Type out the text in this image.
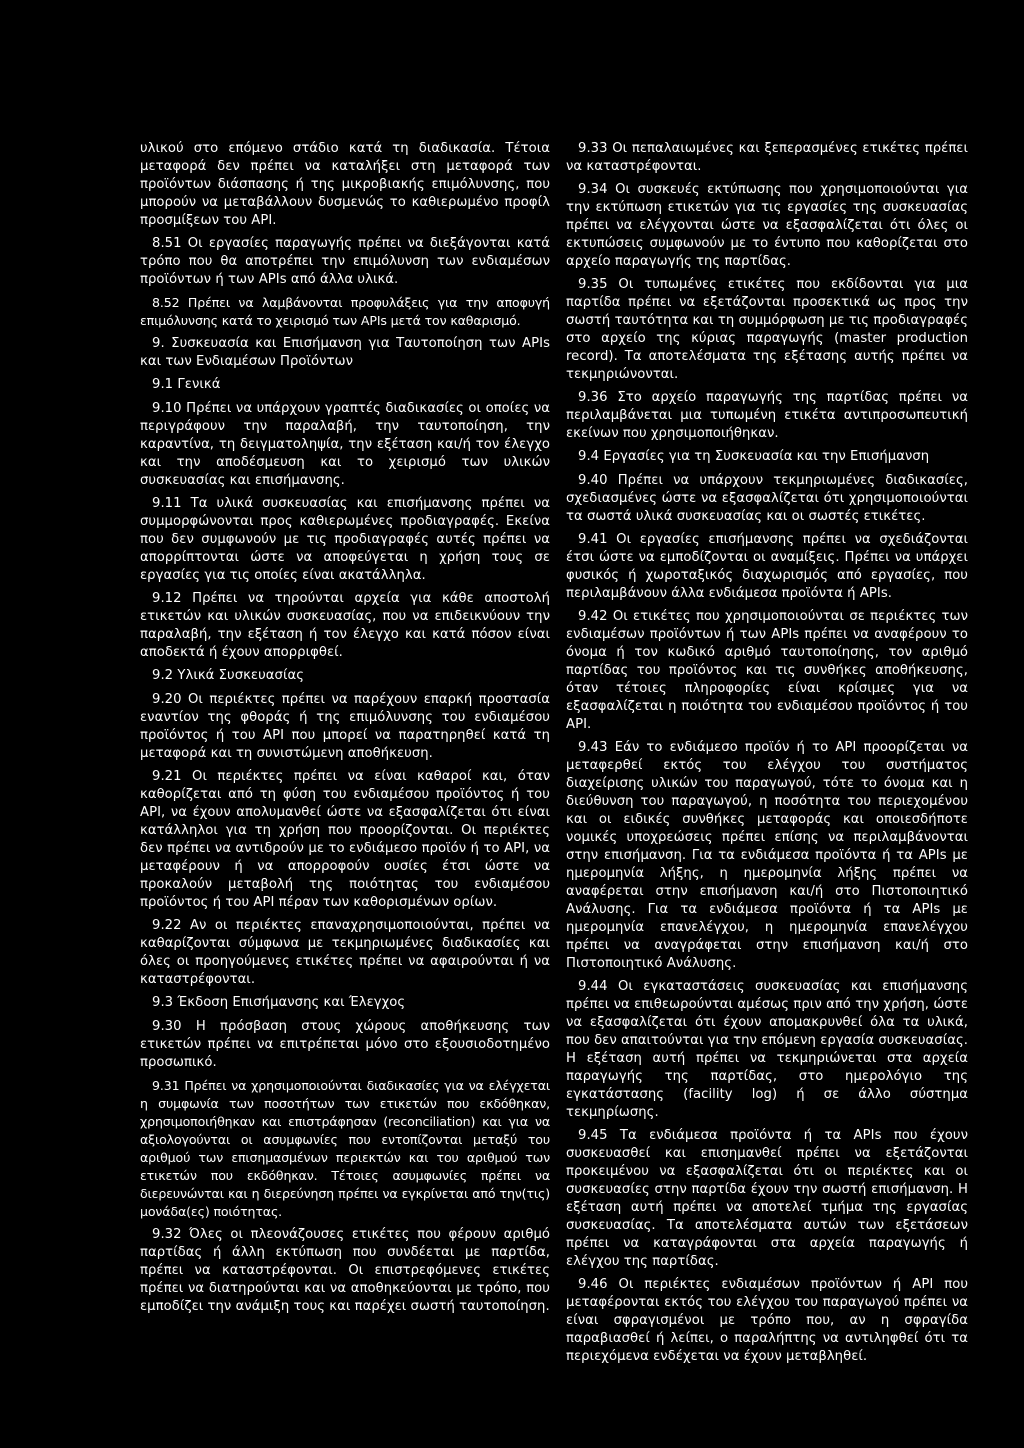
υλικού στο επόμενο στάδιο κατά τη διαδικασία. Τέτοια μεταφορά δεν πρέπει να καταλήξει στη μεταφορά των προϊόντων διάσπασης ή της μικροβιακής επιμόλυνσης, που μπορούν να μεταβάλλουν δυσμενώς το καθιερωμένο προφίλ προσμίξεων του API.

8.51 Οι εργασίες παραγωγής πρέπει να διεξάγονται κατά τρόπο που θα αποτρέπει την επιμόλυνση των ενδιαμέσων προϊόντων ή των APIs από άλλα υλικά.

8.52 Πρέπει να λαμβάνονται προφυλάξεις για την αποφυγή επιμόλυνσης κατά το χειρισμό των APIs μετά τον καθαρισμό.

9. Συσκευασία και Επισήμανση για Ταυτοποίηση των APIs και των Ενδιαμέσων Προϊόντων

9.1 Γενικά

9.10 Πρέπει να υπάρχουν γραπτές διαδικασίες οι οποίες να περιγράφουν την παραλαβή, την ταυτοποίηση, την καραντίνα, τη δειγματοληψία, την εξέταση και/ή τον έλεγχο και την αποδέσμευση και το χειρισμό των υλικών συσκευασίας και επισήμανσης.

9.11 Τα υλικά συσκευασίας και επισήμανσης πρέπει να συμμορφώνονται προς καθιερωμένες προδιαγραφές. Εκείνα που δεν συμφωνούν με τις προδιαγραφές αυτές πρέπει να απορρίπτονται ώστε να αποφεύγεται η χρήση τους σε εργασίες για τις οποίες είναι ακατάλληλα.

9.12 Πρέπει να τηρούνται αρχεία για κάθε αποστολή ετικετών και υλικών συσκευασίας, που να επιδεικνύουν την παραλαβή, την εξέταση ή τον έλεγχο και κατά πόσον είναι αποδεκτά ή έχουν απορριφθεί.

9.2 Υλικά Συσκευασίας

9.20 Οι περιέκτες πρέπει να παρέχουν επαρκή προστασία εναντίον της φθοράς ή της επιμόλυνσης του ενδιαμέσου προϊόντος ή του API που μπορεί να παρατηρηθεί κατά τη μεταφορά και τη συνιστώμενη αποθήκευση.

9.21 Οι περιέκτες πρέπει να είναι καθαροί και, όταν καθορίζεται από τη φύση του ενδιαμέσου προϊόντος ή του API, να έχουν απολυμανθεί ώστε να εξασφαλίζεται ότι είναι κατάλληλοι για τη χρήση που προορίζονται. Οι περιέκτες δεν πρέπει να αντιδρούν με το ενδιάμεσο προϊόν ή το API, να μεταφέρουν ή να απορροφούν ουσίες έτσι ώστε να προκαλούν μεταβολή της ποιότητας του ενδιαμέσου προϊόντος ή του API πέραν των καθορισμένων ορίων.

9.22 Αν οι περιέκτες επαναχρησιμοποιούνται, πρέπει να καθαρίζονται σύμφωνα με τεκμηριωμένες διαδικασίες και όλες οι προηγούμενες ετικέτες πρέπει να αφαιρούνται ή να καταστρέφονται.

9.3 Έκδοση Επισήμανσης και Έλεγχος

9.30 Η πρόσβαση στους χώρους αποθήκευσης των ετικετών πρέπει να επιτρέπεται μόνο στο εξουσιοδοτημένο προσωπικό.

9.31 Πρέπει να χρησιμοποιούνται διαδικασίες για να ελέγχεται η συμφωνία των ποσοτήτων των ετικετών που εκδόθηκαν, χρησιμοποιήθηκαν και επιστράφησαν (reconciliation) και για να αξιολογούνται οι ασυμφωνίες που εντοπίζονται μεταξύ του αριθμού των επισημασμένων περιεκτών και του αριθμού των ετικετών που εκδόθηκαν. Τέτοιες ασυμφωνίες πρέπει να διερευνώνται και η διερεύνηση πρέπει να εγκρίνεται από την(τις) μονάδα(ες) ποιότητας.

9.32 Όλες οι πλεονάζουσες ετικέτες που φέρουν αριθμό παρτίδας ή άλλη εκτύπωση που συνδέεται με παρτίδα, πρέπει να καταστρέφονται. Οι επιστρεφόμενες ετικέτες πρέπει να διατηρούνται και να αποθηκεύονται με τρόπο, που εμποδίζει την ανάμιξη τους και παρέχει σωστή ταυτοποίηση.

9.33 Οι πεπαλαιωμένες και ξεπερασμένες ετικέτες πρέπει να καταστρέφονται.

9.34 Οι συσκευές εκτύπωσης που χρησιμοποιούνται για την εκτύπωση ετικετών για τις εργασίες της συσκευασίας πρέπει να ελέγχονται ώστε να εξασφαλίζεται ότι όλες οι εκτυπώσεις συμφωνούν με το έντυπο που καθορίζεται στο αρχείο παραγωγής της παρτίδας.

9.35 Οι τυπωμένες ετικέτες που εκδίδονται για μια παρτίδα πρέπει να εξετάζονται προσεκτικά ως προς την σωστή ταυτότητα και τη συμμόρφωση με τις προδιαγραφές στο αρχείο της κύριας παραγωγής (master production record). Τα αποτελέσματα της εξέτασης αυτής πρέπει να τεκμηριώνονται.

9.36 Στο αρχείο παραγωγής της παρτίδας πρέπει να περιλαμβάνεται μια τυπωμένη ετικέτα αντιπροσωπευτική εκείνων που χρησιμοποιήθηκαν.

9.4 Εργασίες για τη Συσκευασία και την Επισήμανση

9.40 Πρέπει να υπάρχουν τεκμηριωμένες διαδικασίες, σχεδιασμένες ώστε να εξασφαλίζεται ότι χρησιμοποιούνται τα σωστά υλικά συσκευασίας και οι σωστές ετικέτες.

9.41 Οι εργασίες επισήμανσης πρέπει να σχεδιάζονται έτσι ώστε να εμποδίζονται οι αναμίξεις. Πρέπει να υπάρχει φυσικός ή χωροταξικός διαχωρισμός από εργασίες, που περιλαμβάνουν άλλα ενδιάμεσα προϊόντα ή APIs.

9.42 Οι ετικέτες που χρησιμοποιούνται σε περιέκτες των ενδιαμέσων προϊόντων ή των APIs πρέπει να αναφέρουν το όνομα ή τον κωδικό αριθμό ταυτοποίησης, τον αριθμό παρτίδας του προϊόντος και τις συνθήκες αποθήκευσης, όταν τέτοιες πληροφορίες είναι κρίσιμες για να εξασφαλίζεται η ποιότητα του ενδιαμέσου προϊόντος ή του API.

9.43 Εάν το ενδιάμεσο προϊόν ή το API προορίζεται να μεταφερθεί εκτός του ελέγχου του συστήματος διαχείρισης υλικών του παραγωγού, τότε το όνομα και η διεύθυνση του παραγωγού, η ποσότητα του περιεχομένου και οι ειδικές συνθήκες μεταφοράς και οποιεσδήποτε νομικές υποχρεώσεις πρέπει επίσης να περιλαμβάνονται στην επισήμανση. Για τα ενδιάμεσα προϊόντα ή τα APIs με ημερομηνία λήξης, η ημερομηνία λήξης πρέπει να αναφέρεται στην επισήμανση και/ή στο Πιστοποιητικό Ανάλυσης. Για τα ενδιάμεσα προϊόντα ή τα APIs με ημερομηνία επανελέγχου, η ημερομηνία επανελέγχου πρέπει να αναγράφεται στην επισήμανση και/ή στο Πιστοποιητικό Ανάλυσης.

9.44 Οι εγκαταστάσεις συσκευασίας και επισήμανσης πρέπει να επιθεωρούνται αμέσως πριν από την χρήση, ώστε να εξασφαλίζεται ότι έχουν απομακρυνθεί όλα τα υλικά, που δεν απαιτούνται για την επόμενη εργασία συσκευασίας. Η εξέταση αυτή πρέπει να τεκμηριώνεται στα αρχεία παραγωγής της παρτίδας, στο ημερολόγιο της εγκατάστασης (facility log) ή σε άλλο σύστημα τεκμηρίωσης.

9.45 Τα ενδιάμεσα προϊόντα ή τα APIs που έχουν συσκευασθεί και επισημανθεί πρέπει να εξετάζονται προκειμένου να εξασφαλίζεται ότι οι περιέκτες και οι συσκευασίες στην παρτίδα έχουν την σωστή επισήμανση. Η εξέταση αυτή πρέπει να αποτελεί τμήμα της εργασίας συσκευασίας. Τα αποτελέσματα αυτών των εξετάσεων πρέπει να καταγράφονται στα αρχεία παραγωγής ή ελέγχου της παρτίδας.

9.46 Οι περιέκτες ενδιαμέσων προϊόντων ή API που μεταφέρονται εκτός του ελέγχου του παραγωγού πρέπει να είναι σφραγισμένοι με τρόπο που, αν η σφραγίδα παραβιασθεί ή λείπει, ο παραλήπτης να αντιληφθεί ότι τα περιεχόμενα ενδέχεται να έχουν μεταβληθεί.
